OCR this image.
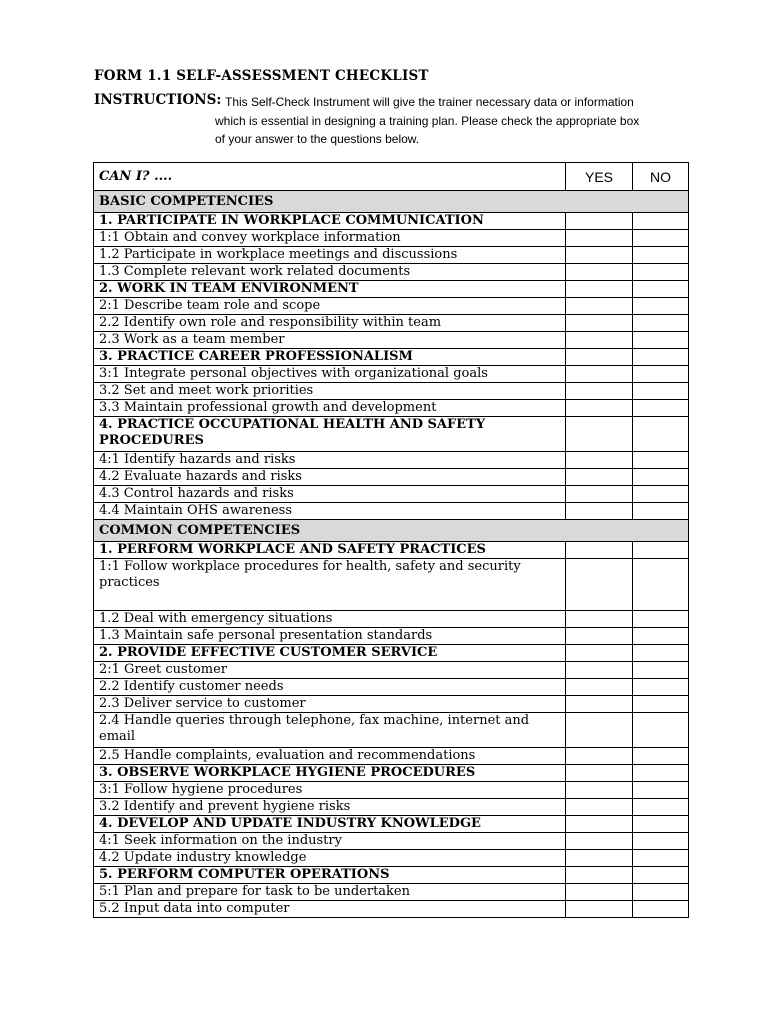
FORM 1.1 SELF-ASSESSMENT CHECKLIST
INSTRUCTIONS: This Self-Check Instrument will give the trainer necessary data or information
which is essential in designing a training plan. Please check the appropriate box
of your answer to the questions below.
CAN I? ....	YES	NO
BASIC COMPETENCIES		
1. PARTICIPATE IN WORKPLACE COMMUNICATION		
1:1 Obtain and convey workplace information		
1.2 Participate in workplace meetings and discussions		
1.3 Complete relevant work related documents		
2. WORK IN TEAM ENVIRONMENT		
2:1 Describe team role and scope		
2.2 Identify own role and responsibility within team		
2.3 Work as a team member		
3. PRACTICE CAREER PROFESSIONALISM		
3:1 Integrate personal objectives with organizational goals		
3.2 Set and meet work priorities		
3.3 Maintain professional growth and development		
4. PRACTICE OCCUPATIONAL HEALTH AND SAFETY PROCEDURES		
4:1 Identify hazards and risks		
4.2 Evaluate hazards and risks		
4.3 Control hazards and risks		
4.4 Maintain OHS awareness		
COMMON COMPETENCIES		
1. PERFORM WORKPLACE AND SAFETY PRACTICES		
1:1 Follow workplace procedures for health, safety and security practices		
1.2 Deal with emergency situations		
1.3 Maintain safe personal presentation standards		
2. PROVIDE EFFECTIVE CUSTOMER SERVICE		
2:1 Greet customer		
2.2 Identify customer needs		
2.3 Deliver service to customer		
2.4 Handle queries through telephone, fax machine, internet and email		
2.5 Handle complaints, evaluation and recommendations		
3. OBSERVE WORKPLACE HYGIENE PROCEDURES		
3:1 Follow hygiene procedures		
3.2 Identify and prevent hygiene risks		
4. DEVELOP AND UPDATE INDUSTRY KNOWLEDGE		
4:1 Seek information on the industry		
4.2 Update industry knowledge		
5. PERFORM COMPUTER OPERATIONS		
5:1 Plan and prepare for task to be undertaken		
5.2 Input data into computer		
